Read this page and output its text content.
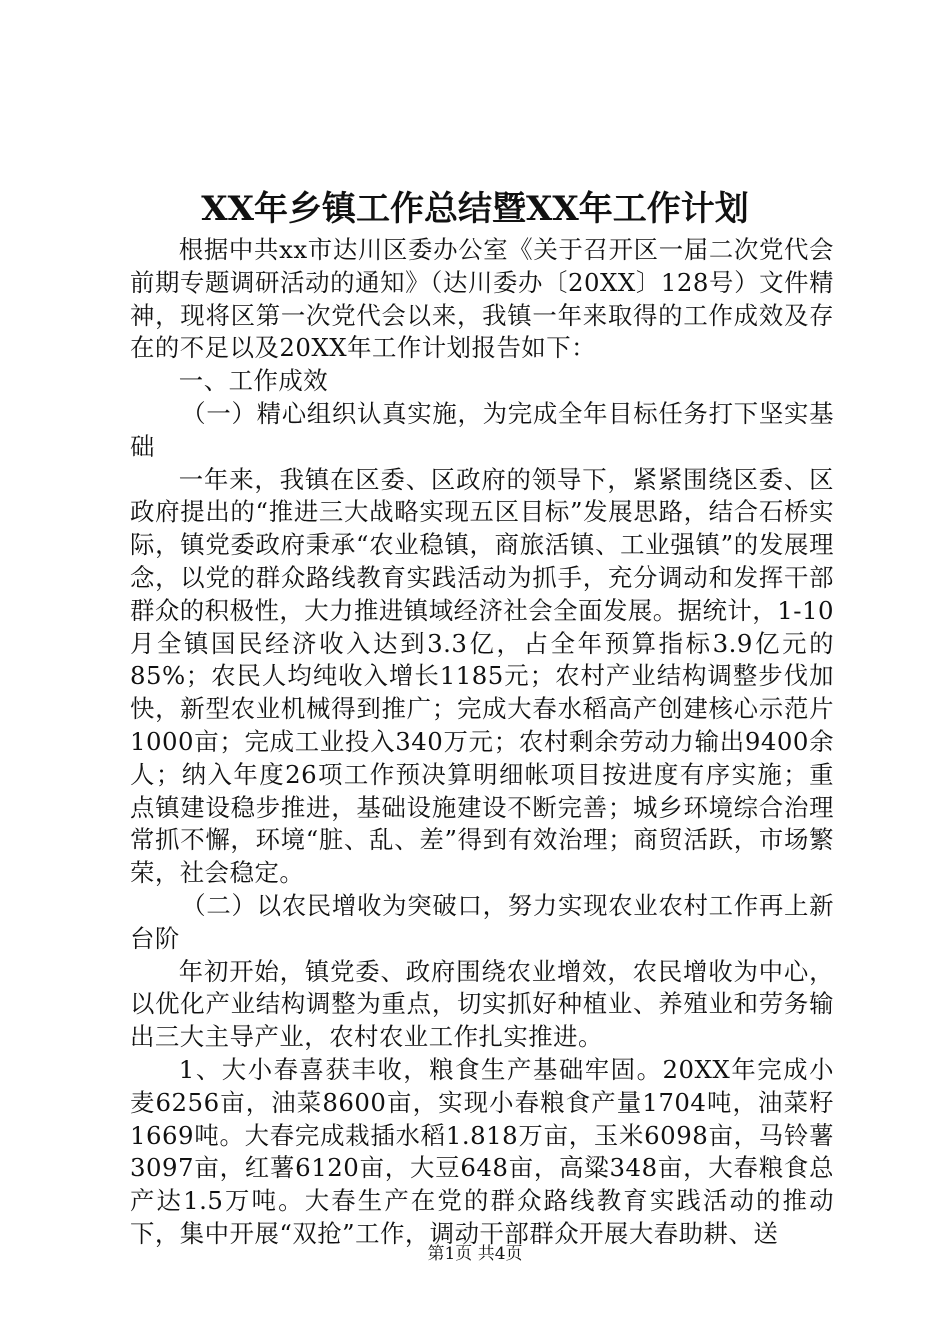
XX年乡镇工作总结暨XX年工作计划

根据中共xx市达川区委办公室《关于召开区一届二次党代会前期专题调研活动的通知》（达川委办〔20XX〕128号）文件精神，现将区第一次党代会以来，我镇一年来取得的工作成效及存在的不足以及20XX年工作计划报告如下：

一、工作成效

（一）精心组织认真实施，为完成全年目标任务打下坚实基础

一年来，我镇在区委、区政府的领导下，紧紧围绕区委、区政府提出的“推进三大战略实现五区目标”发展思路，结合石桥实际，镇党委政府秉承“农业稳镇，商旅活镇、工业强镇”的发展理念，以党的群众路线教育实践活动为抓手，充分调动和发挥干部群众的积极性，大力推进镇域经济社会全面发展。据统计，1-10月全镇国民经济收入达到3.3亿，占全年预算指标3.9亿元的85%；农民人均纯收入增长1185元；农村产业结构调整步伐加快，新型农业机械得到推广；完成大春水稻高产创建核心示范片1000亩；完成工业投入340万元；农村剩余劳动力输出9400余人；纳入年度26项工作预决算明细帐项目按进度有序实施；重点镇建设稳步推进，基础设施建设不断完善；城乡环境综合治理常抓不懈，环境“脏、乱、差”得到有效治理；商贸活跃，市场繁荣，社会稳定。

（二）以农民增收为突破口，努力实现农业农村工作再上新台阶

年初开始，镇党委、政府围绕农业增效，农民增收为中心，以优化产业结构调整为重点，切实抓好种植业、养殖业和劳务输出三大主导产业，农村农业工作扎实推进。

1、大小春喜获丰收，粮食生产基础牢固。20XX年完成小麦6256亩，油菜8600亩，实现小春粮食产量1704吨，油菜籽1669吨。大春完成栽插水稻1.818万亩，玉米6098亩，马铃薯3097亩，红薯6120亩，大豆648亩，高粱348亩，大春粮食总产达1.5万吨。大春生产在党的群众路线教育实践活动的推动下，集中开展“双抢”工作，调动干部群众开展大春助耕、送

第1页 共4页
